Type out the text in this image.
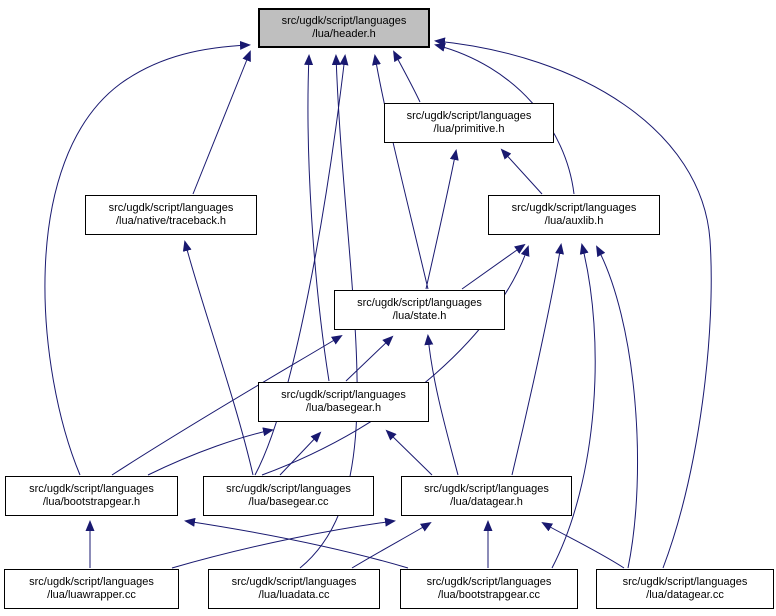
src/ugdk/script/languages
/lua/header.h
src/ugdk/script/languages
/lua/primitive.h
src/ugdk/script/languages
/lua/native/traceback.h
src/ugdk/script/languages
/lua/auxlib.h
src/ugdk/script/languages
/lua/state.h
src/ugdk/script/languages
/lua/basegear.h
src/ugdk/script/languages
/lua/bootstrapgear.h
src/ugdk/script/languages
/lua/basegear.cc
src/ugdk/script/languages
/lua/datagear.h
src/ugdk/script/languages
/lua/luawrapper.cc
src/ugdk/script/languages
/lua/luadata.cc
src/ugdk/script/languages
/lua/bootstrapgear.cc
src/ugdk/script/languages
/lua/datagear.cc
